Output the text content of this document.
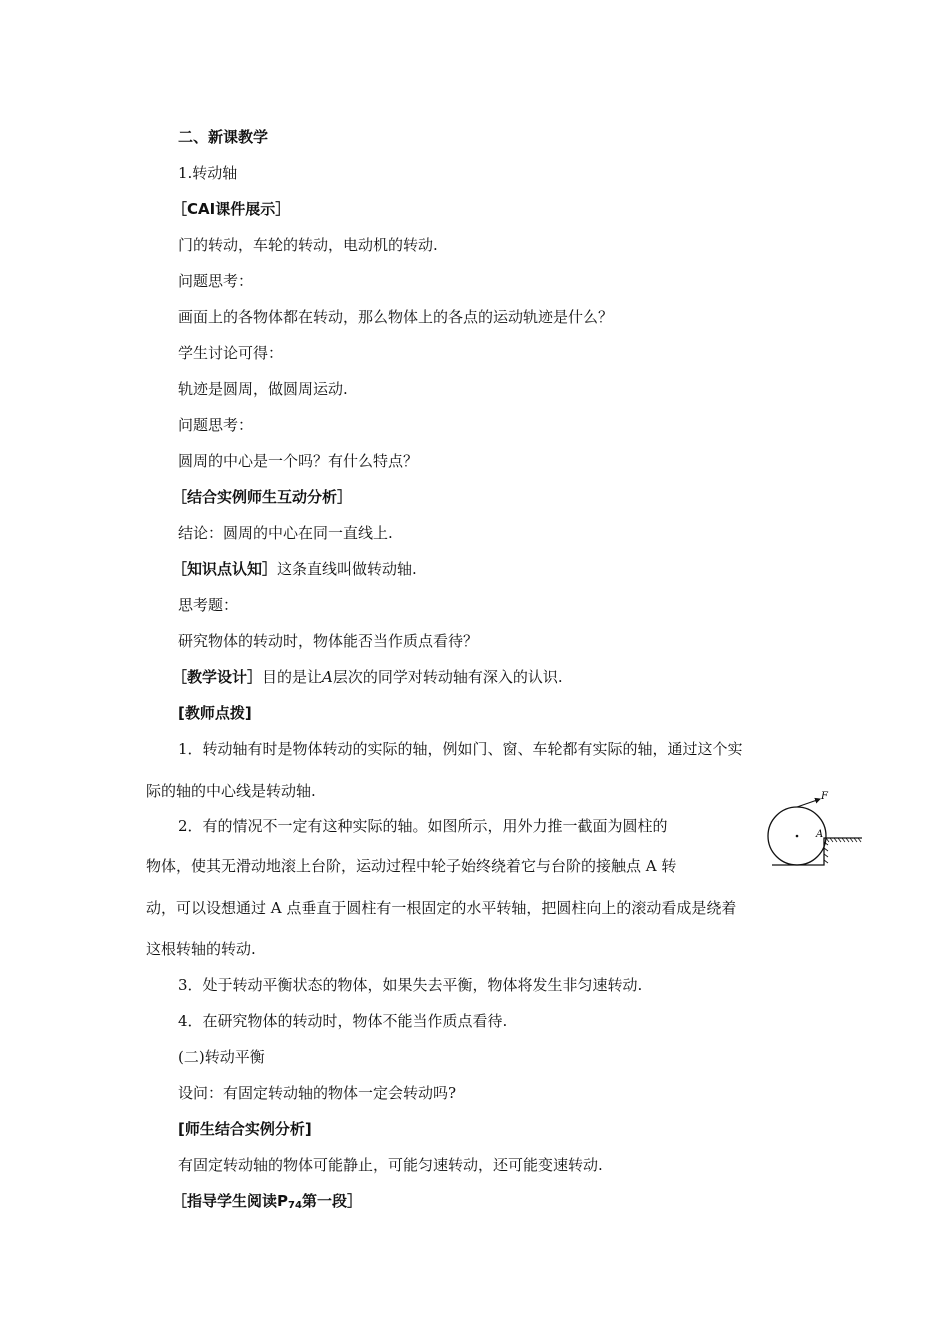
二、新课教学
1.转动轴
［CAI课件展示］
门的转动，车轮的转动，电动机的转动.
问题思考：
画面上的各物体都在转动，那么物体上的各点的运动轨迹是什么？
学生讨论可得：
轨迹是圆周，做圆周运动.
问题思考：
圆周的中心是一个吗？有什么特点？
［结合实例师生互动分析］
结论：圆周的中心在同一直线上.
［知识点认知］这条直线叫做转动轴.
思考题：
研究物体的转动时，物体能否当作质点看待？
［教学设计］目的是让A层次的同学对转动轴有深入的认识.
[教师点拨]
1．转动轴有时是物体转动的实际的轴，例如门、窗、车轮都有实际的轴，通过这个实
际的轴的中心线是转动轴.
2．有的情况不一定有这种实际的轴。如图所示，用外力推一截面为圆柱的
物体，使其无滑动地滚上台阶，运动过程中轮子始终绕着它与台阶的接触点 A 转
动，可以设想通过 A 点垂直于圆柱有一根固定的水平转轴，把圆柱向上的滚动看成是绕着
这根转轴的转动.
3．处于转动平衡状态的物体，如果失去平衡，物体将发生非匀速转动.
4．在研究物体的转动时，物体不能当作质点看待.
(二)转动平衡
设问：有固定转动轴的物体一定会转动吗?
[师生结合实例分析]
有固定转动轴的物体可能静止，可能匀速转动，还可能变速转动.
［指导学生阅读$P_{74}$第一段］
F
A
